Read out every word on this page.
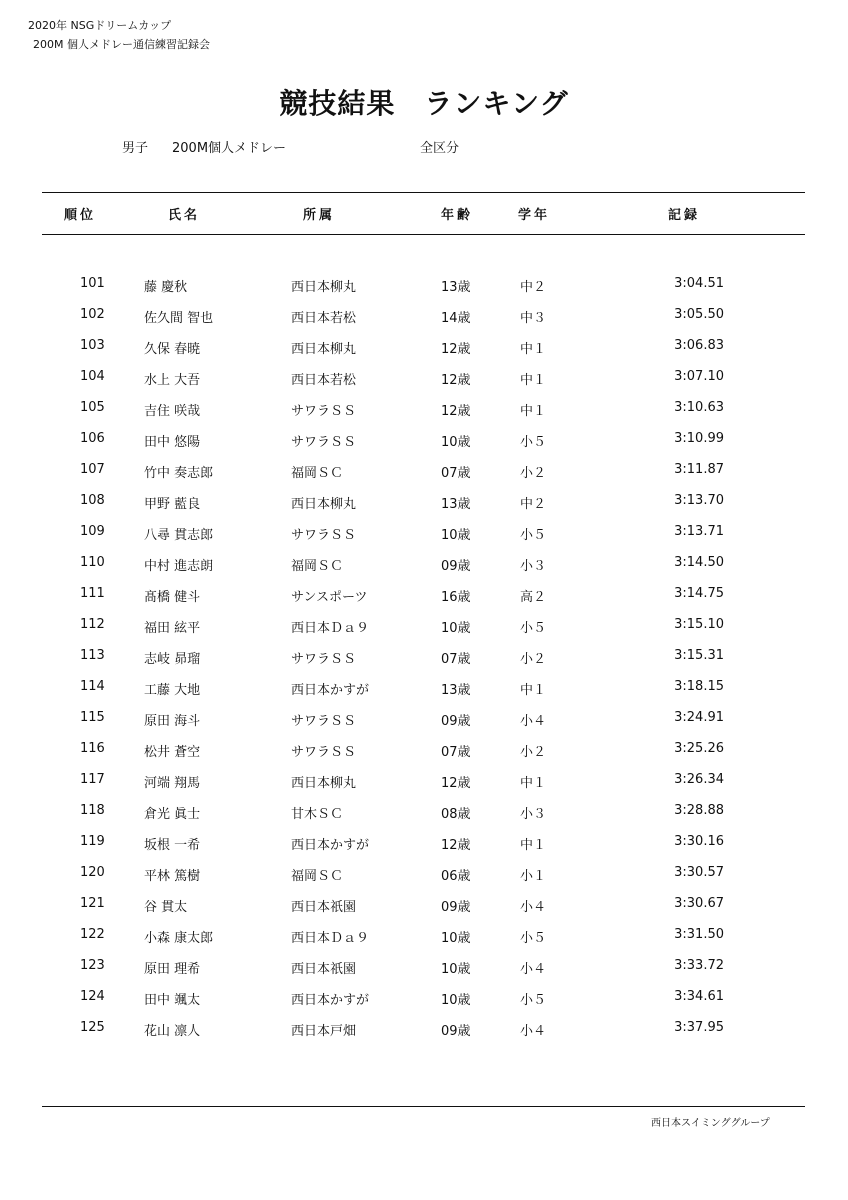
2020年 NSGドリームカップ
200M 個人メドレー通信練習記録会
競技結果　ランキング
男子 200M個人メドレー	全区分
順位	氏名	所属	年齢	学年	記録
101	藤 慶秋	西日本柳丸	13歳	中２	3:04.51
102	佐久間 智也	西日本若松	14歳	中３	3:05.50
103	久保 春暁	西日本柳丸	12歳	中１	3:06.83
104	水上 大吾	西日本若松	12歳	中１	3:07.10
105	吉住 咲哉	サワラＳＳ	12歳	中１	3:10.63
106	田中 悠陽	サワラＳＳ	10歳	小５	3:10.99
107	竹中 奏志郎	福岡ＳＣ	07歳	小２	3:11.87
108	甲野 藍良	西日本柳丸	13歳	中２	3:13.70
109	八尋 貫志郎	サワラＳＳ	10歳	小５	3:13.71
110	中村 進志朗	福岡ＳＣ	09歳	小３	3:14.50
111	髙橋 健斗	サンスポーツ	16歳	高２	3:14.75
112	福田 絃平	西日本Ｄａ９	10歳	小５	3:15.10
113	志岐 昴瑠	サワラＳＳ	07歳	小２	3:15.31
114	工藤 大地	西日本かすが	13歳	中１	3:18.15
115	原田 海斗	サワラＳＳ	09歳	小４	3:24.91
116	松井 蒼空	サワラＳＳ	07歳	小２	3:25.26
117	河端 翔馬	西日本柳丸	12歳	中１	3:26.34
118	倉光 眞士	甘木ＳＣ	08歳	小３	3:28.88
119	坂根 一希	西日本かすが	12歳	中１	3:30.16
120	平林 篤樹	福岡ＳＣ	06歳	小１	3:30.57
121	谷 貫太	西日本祇園	09歳	小４	3:30.67
122	小森 康太郎	西日本Ｄａ９	10歳	小５	3:31.50
123	原田 理希	西日本祇園	10歳	小４	3:33.72
124	田中 颯太	西日本かすが	10歳	小５	3:34.61
125	花山 凛人	西日本戸畑	09歳	小４	3:37.95
西日本スイミンググループ
